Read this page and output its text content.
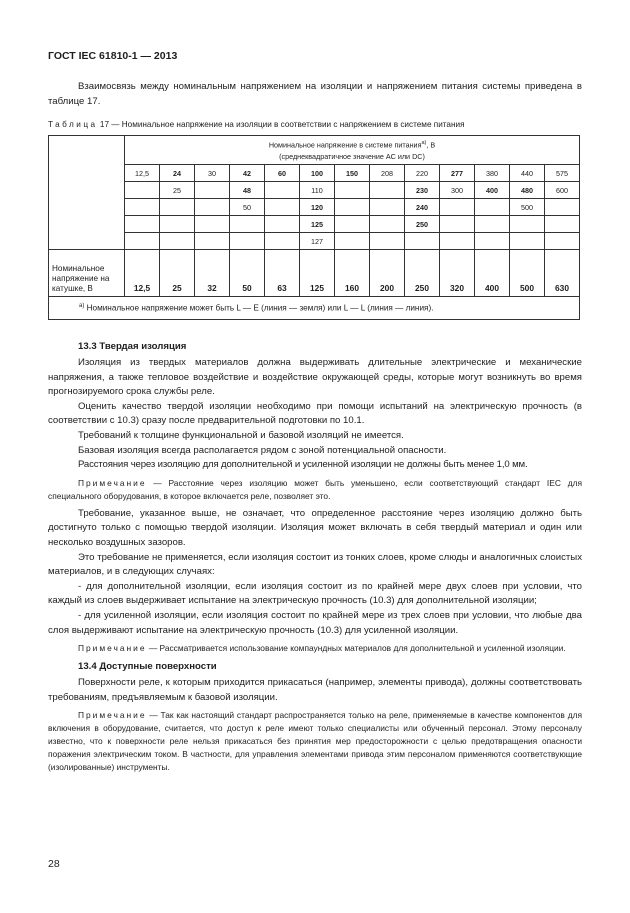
ГОСТ IEC 61810-1 — 2013

Взаимосвязь между номинальным напряжением на изоляции и напряжением питания системы приведена в таблице 17.

Таблица 17 — Номинальное напряжение на изоляции в соответствии с напряжением в системе питания

	Номинальное напряжение в системе питания$^{а)}$, В
(среднеквадратичное значение AC или DC)												
	12,5	24	30	42	60	100	150	208	220	277	380	440	575
		25		48		110			230	300	400	480	600
				50		120			240			500	
						125			250				
						127							
Номинальное напряжение на катушке, В	12,5	25	32	50	63	125	160	200	250	320	400	500	630
$^{а)}$ Номинальное напряжение может быть L — E (линия — земля) или L — L (линия — линия).													

13.3 Твердая изоляция

Изоляция из твердых материалов должна выдерживать длительные электрические и механические напряжения, а также тепловое воздействие и воздействие окружающей среды, которые могут возникнуть во время прогнозируемого срока службы реле.

Оценить качество твердой изоляции необходимо при помощи испытаний на электрическую прочность (в соответствии с 10.3) сразу после предварительной подготовки по 10.1.

Требований к толщине функциональной и базовой изоляций не имеется.

Базовая изоляция всегда располагается рядом с зоной потенциальной опасности.

Расстояния через изоляцию для дополнительной и усиленной изоляции не должны быть менее 1,0 мм.

Примечание — Расстояние через изоляцию может быть уменьшено, если соответствующий стандарт IEC для специального оборудования, в которое включается реле, позволяет это.

Требование, указанное выше, не означает, что определенное расстояние через изоляцию должно быть достигнуто только с помощью твердой изоляции. Изоляция может включать в себя твердый материал и один или несколько воздушных зазоров.

Это требование не применяется, если изоляция состоит из тонких слоев, кроме слюды и аналогичных слоистых материалов, и в следующих случаях:

- для дополнительной изоляции, если изоляция состоит из по крайней мере двух слоев при условии, что каждый из слоев выдерживает испытание на электрическую прочность (10.3) для дополнительной изоляции;

- для усиленной изоляции, если изоляция состоит по крайней мере из трех слоев при условии, что любые два слоя выдерживают испытание на электрическую прочность (10.3) для усиленной изоляции.

Примечание — Рассматривается использование компаундных материалов для дополнительной и усиленной изоляции.

13.4 Доступные поверхности

Поверхности реле, к которым приходится прикасаться (например, элементы привода), должны соответствовать требованиям, предъявляемым к базовой изоляции.

Примечание — Так как настоящий стандарт распространяется только на реле, применяемые в качестве компонентов для включения в оборудование, считается, что доступ к реле имеют только специалисты или обученный персонал. Этому персоналу известно, что к поверхности реле нельзя прикасаться без принятия мер предосторожности с целью предотвращения опасности поражения электрическим током. В частности, для управления элементами привода этим персоналом применяются соответствующие (изолированные) инструменты.

28
